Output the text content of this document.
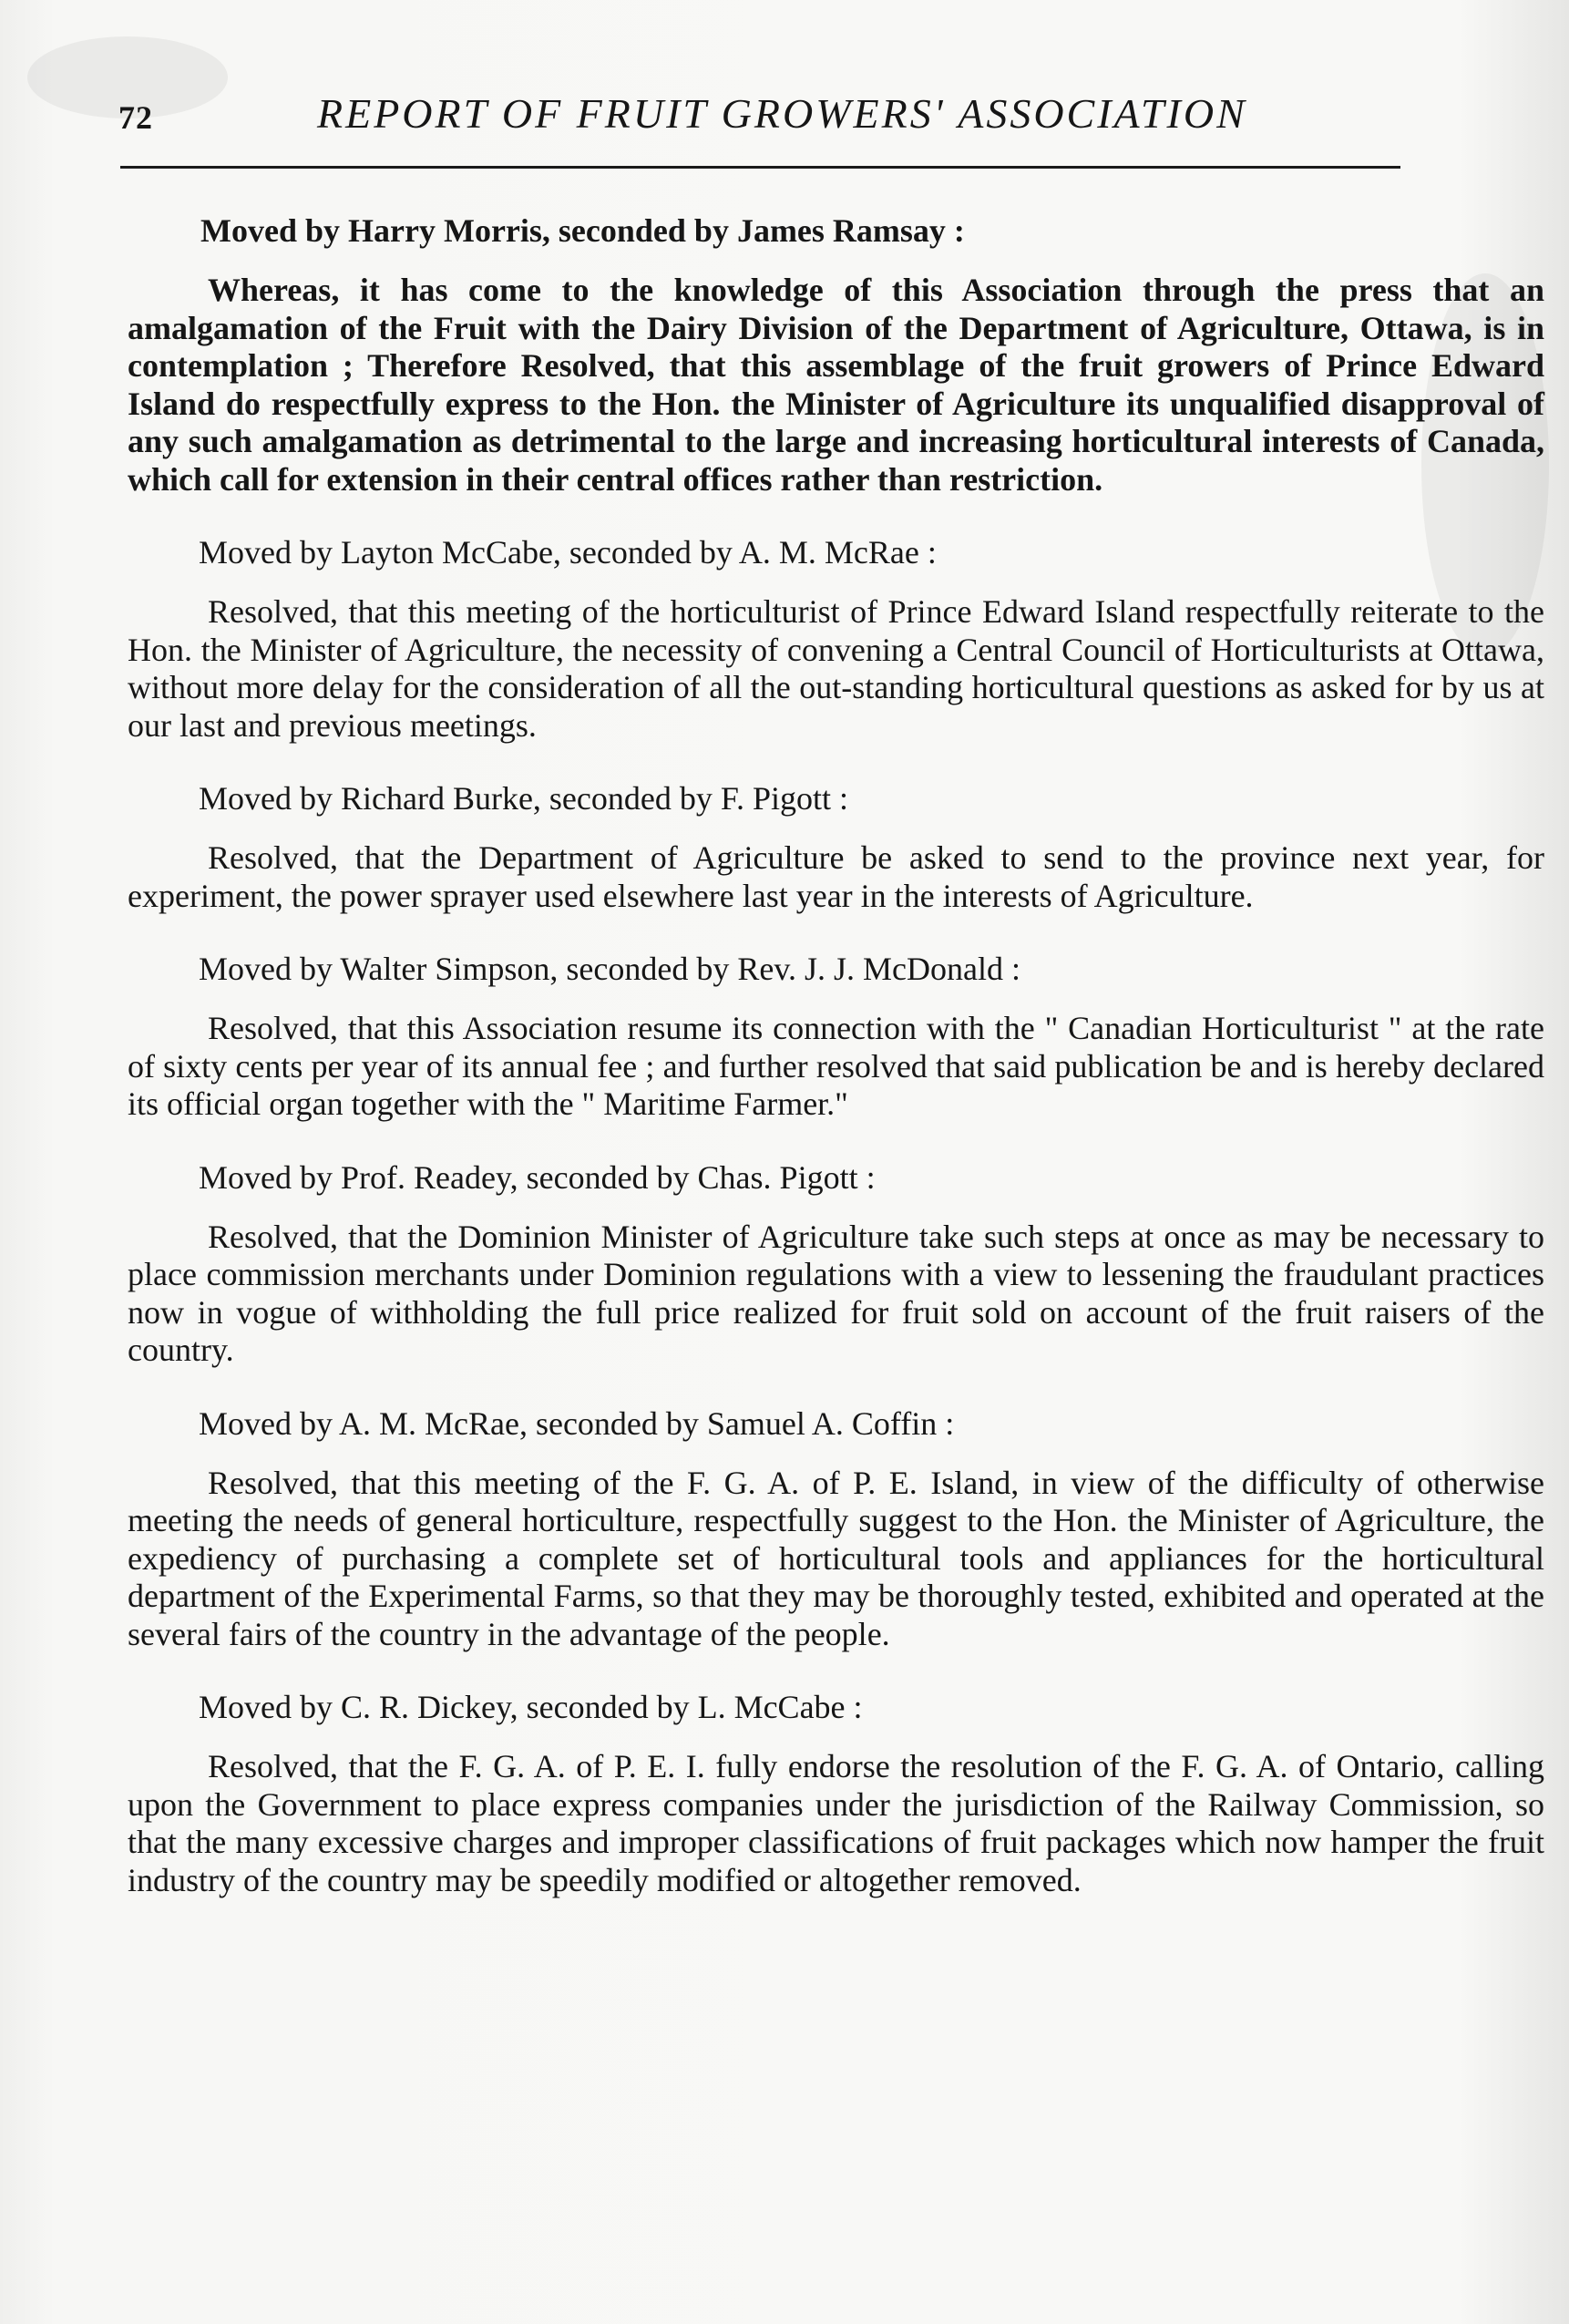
72	REPORT OF FRUIT GROWERS' ASSOCIATION

Moved by Harry Morris, seconded by James Ramsay :

Whereas, it has come to the knowledge of this Association through the press that an amalgamation of the Fruit with the Dairy Division of the Department of Agriculture, Ottawa, is in contemplation ; Therefore Resolved, that this assemblage of the fruit growers of Prince Edward Island do respectfully express to the Hon. the Minister of Agriculture its unqualified disapproval of any such amalgamation as detrimental to the large and increasing horticultural interests of Canada, which call for extension in their central offices rather than restriction.

Moved by Layton McCabe, seconded by A. M. McRae :

Resolved, that this meeting of the horticulturist of Prince Edward Island respectfully reiterate to the Hon. the Minister of Agriculture, the necessity of convening a Central Council of Horticulturists at Ottawa, without more delay for the consideration of all the out-standing horticultural questions as asked for by us at our last and previous meetings.

Moved by Richard Burke, seconded by F. Pigott :

Resolved, that the Department of Agriculture be asked to send to the province next year, for experiment, the power sprayer used elsewhere last year in the interests of Agriculture.

Moved by Walter Simpson, seconded by Rev. J. J. McDonald :

Resolved, that this Association resume its connection with the " Canadian Horticulturist " at the rate of sixty cents per year of its annual fee ; and further resolved that said publication be and is hereby declared its official organ together with the " Maritime Farmer."

Moved by Prof. Readey, seconded by Chas. Pigott :

Resolved, that the Dominion Minister of Agriculture take such steps at once as may be necessary to place commission merchants under Dominion regulations with a view to lessening the fraudulant practices now in vogue of withholding the full price realized for fruit sold on account of the fruit raisers of the country.

Moved by A. M. McRae, seconded by Samuel A. Coffin :

Resolved, that this meeting of the F. G. A. of P. E. Island, in view of the difficulty of otherwise meeting the needs of general horticulture, respectfully suggest to the Hon. the Minister of Agriculture, the expediency of purchasing a complete set of horticultural tools and appliances for the horticultural department of the Experimental Farms, so that they may be thoroughly tested, exhibited and operated at the several fairs of the country in the advantage of the people.

Moved by C. R. Dickey, seconded by L. McCabe :

Resolved, that the F. G. A. of P. E. I. fully endorse the resolution of the F. G. A. of Ontario, calling upon the Government to place express companies under the jurisdiction of the Railway Commission, so that the many excessive charges and improper classifications of fruit packages which now hamper the fruit industry of the country may be speedily modified or altogether removed.
